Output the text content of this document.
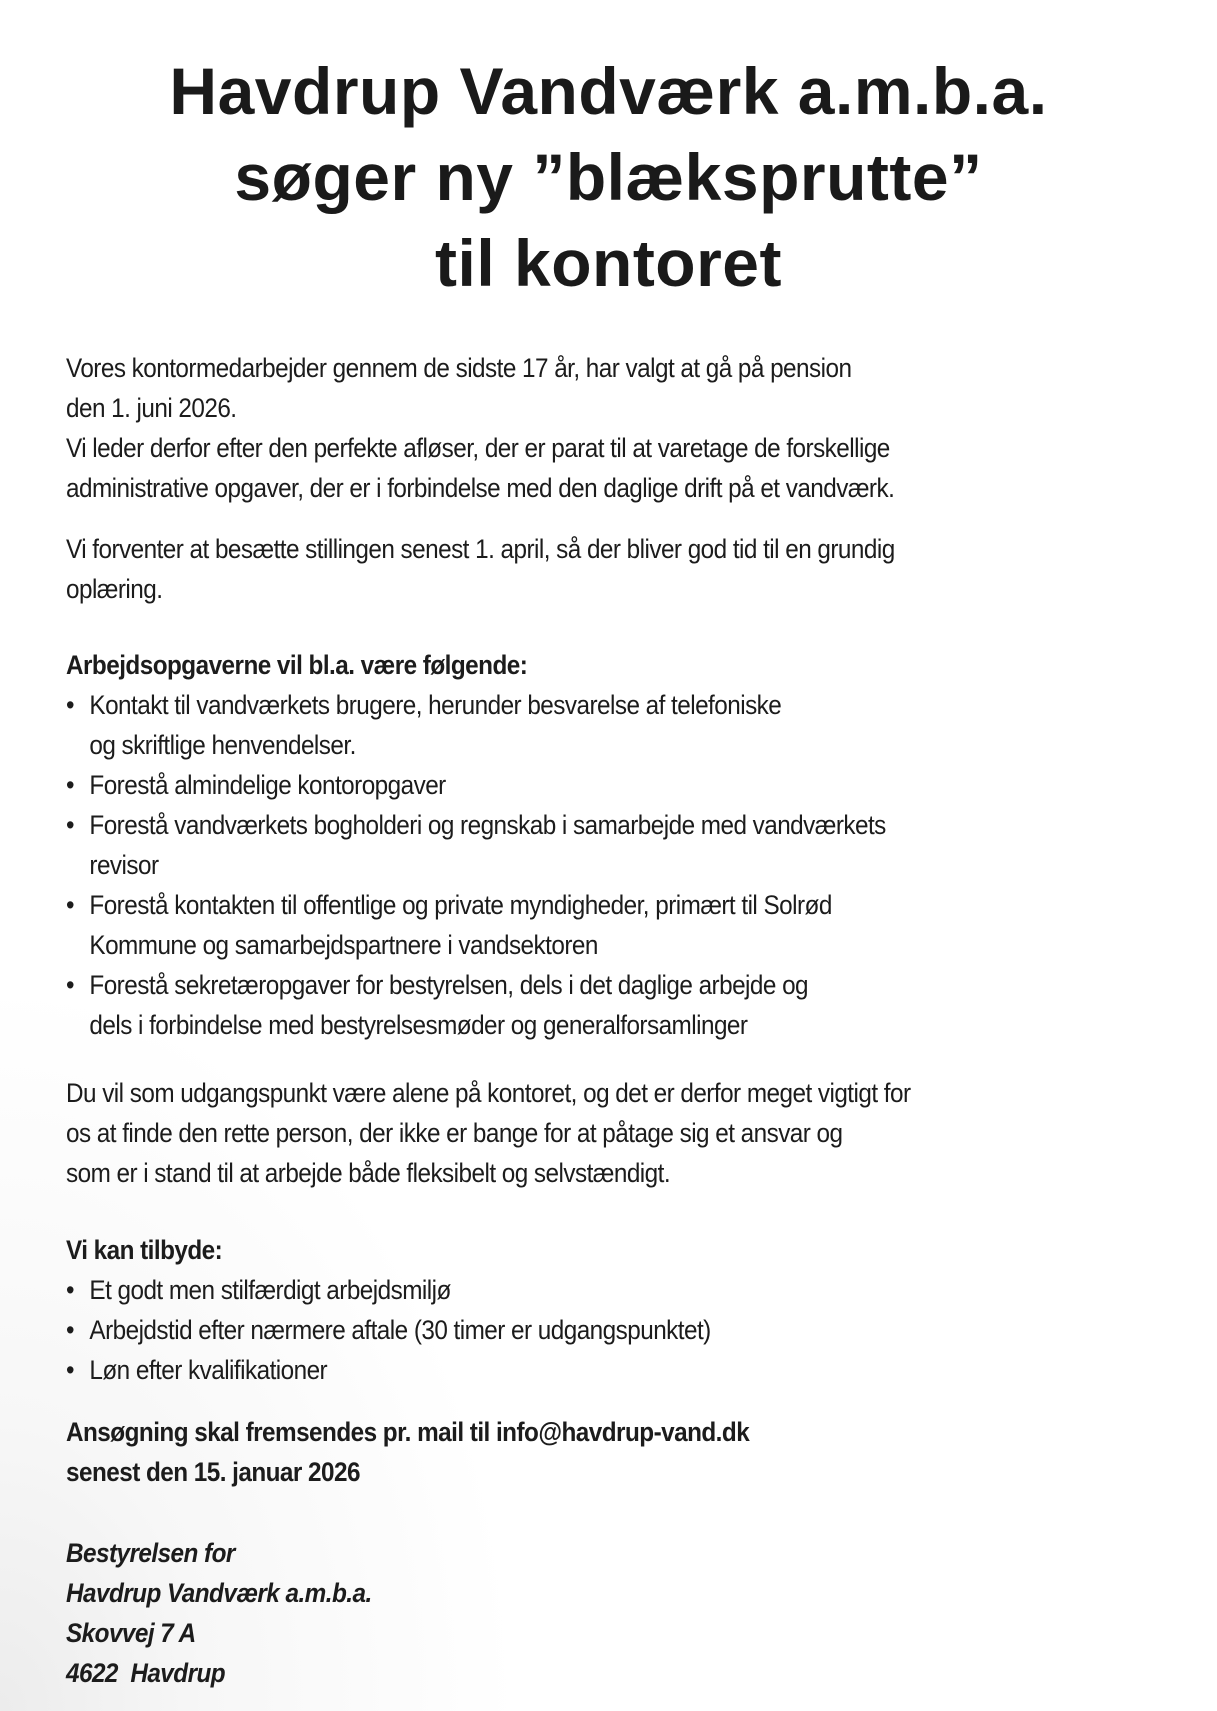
Havdrup Vandværk a.m.b.a.
søger ny ”blæksprutte”
til kontoret

Vores kontormedarbejder gennem de sidste 17 år, har valgt at gå på pension
den 1. juni 2026.
Vi leder derfor efter den perfekte afløser, der er parat til at varetage de forskellige
administrative opgaver, der er i forbindelse med den daglige drift på et vandværk.

Vi forventer at besætte stillingen senest 1. april, så der bliver god tid til en grundig
oplæring.

Arbejdsopgaverne vil bl.a. være følgende:

• Kontakt til vandværkets brugere, herunder besvarelse af telefoniske
og skriftlige henvendelser.
• Forestå almindelige kontoropgaver
• Forestå vandværkets bogholderi og regnskab i samarbejde med vandværkets
revisor
• Forestå kontakten til offentlige og private myndigheder, primært til Solrød
Kommune og samarbejdspartnere i vandsektoren
• Forestå sekretæropgaver for bestyrelsen, dels i det daglige arbejde og
dels i forbindelse med bestyrelsesmøder og generalforsamlinger

Du vil som udgangspunkt være alene på kontoret, og det er derfor meget vigtigt for
os at finde den rette person, der ikke er bange for at påtage sig et ansvar og
som er i stand til at arbejde både fleksibelt og selvstændigt.

Vi kan tilbyde:

• Et godt men stilfærdigt arbejdsmiljø
• Arbejdstid efter nærmere aftale (30 timer er udgangspunktet)
• Løn efter kvalifikationer
Ansøgning skal fremsendes pr. mail til info@havdrup-vand.dk
senest den 15. januar 2026
Bestyrelsen for
Havdrup Vandværk a.m.b.a.
Skovvej 7 A
4622  Havdrup
